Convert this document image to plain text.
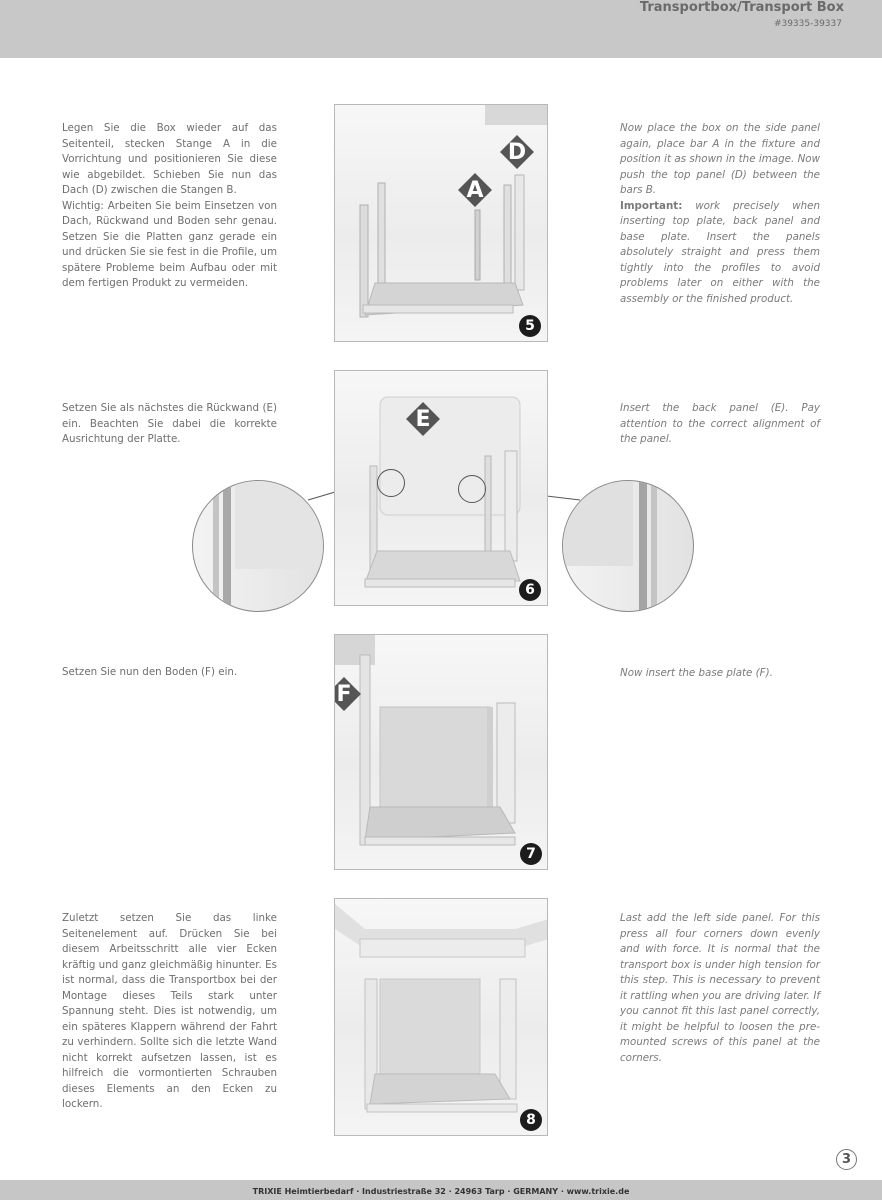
Transportbox/Transport Box
#39335-39337
Legen Sie die Box wieder auf das Seitenteil, stecken Stange A in die Vorrichtung und positionieren Sie diese wie abgebildet. Schieben Sie nun das Dach (D) zwischen die Stangen B.
Wichtig: Arbeiten Sie beim Einsetzen von Dach, Rückwand und Boden sehr genau. Setzen Sie die Platten ganz gerade ein und drücken Sie sie fest in die Profile, um spätere Probleme beim Aufbau oder mit dem fertigen Produkt zu vermeiden.
A
D
5
Now place the box on the side panel again, place bar A in the fixture and position it as shown in the image. Now push the top panel (D) between the bars B.
Important: work precisely when inserting top plate, back panel and base plate. Insert the panels absolutely straight and press them tightly into the profiles to avoid problems later on either with the assembly or the finished product.
Setzen Sie als nächstes die Rückwand (E) ein. Beachten Sie dabei die korrekte Ausrichtung der Platte.
E
6
Insert the back panel (E). Pay attention to the correct alignment of the panel.
Setzen Sie nun den Boden (F) ein.
F
7
Now insert the base plate (F).
Zuletzt setzen Sie das linke Seitenelement auf. Drücken Sie bei diesem Arbeitsschritt alle vier Ecken kräftig und ganz gleichmäßig hinunter. Es ist normal, dass die Transportbox bei der Montage dieses Teils stark unter Spannung steht. Dies ist notwendig, um ein späteres Klappern während der Fahrt zu verhindern. Sollte sich die letzte Wand nicht korrekt aufsetzen lassen, ist es hilfreich die vormontierten Schrauben dieses Elements an den Ecken zu lockern.
8
Last add the left side panel. For this press all four corners down evenly and with force. It is normal that the transport box is under high tension for this step. This is necessary to prevent it rattling when you are driving later. If you cannot fit this last panel correctly, it might be helpful to loosen the pre-mounted screws of this panel at the corners.
3
TRIXIE Heimtierbedarf · Industriestraße 32 · 24963 Tarp · GERMANY · www.trixie.de
